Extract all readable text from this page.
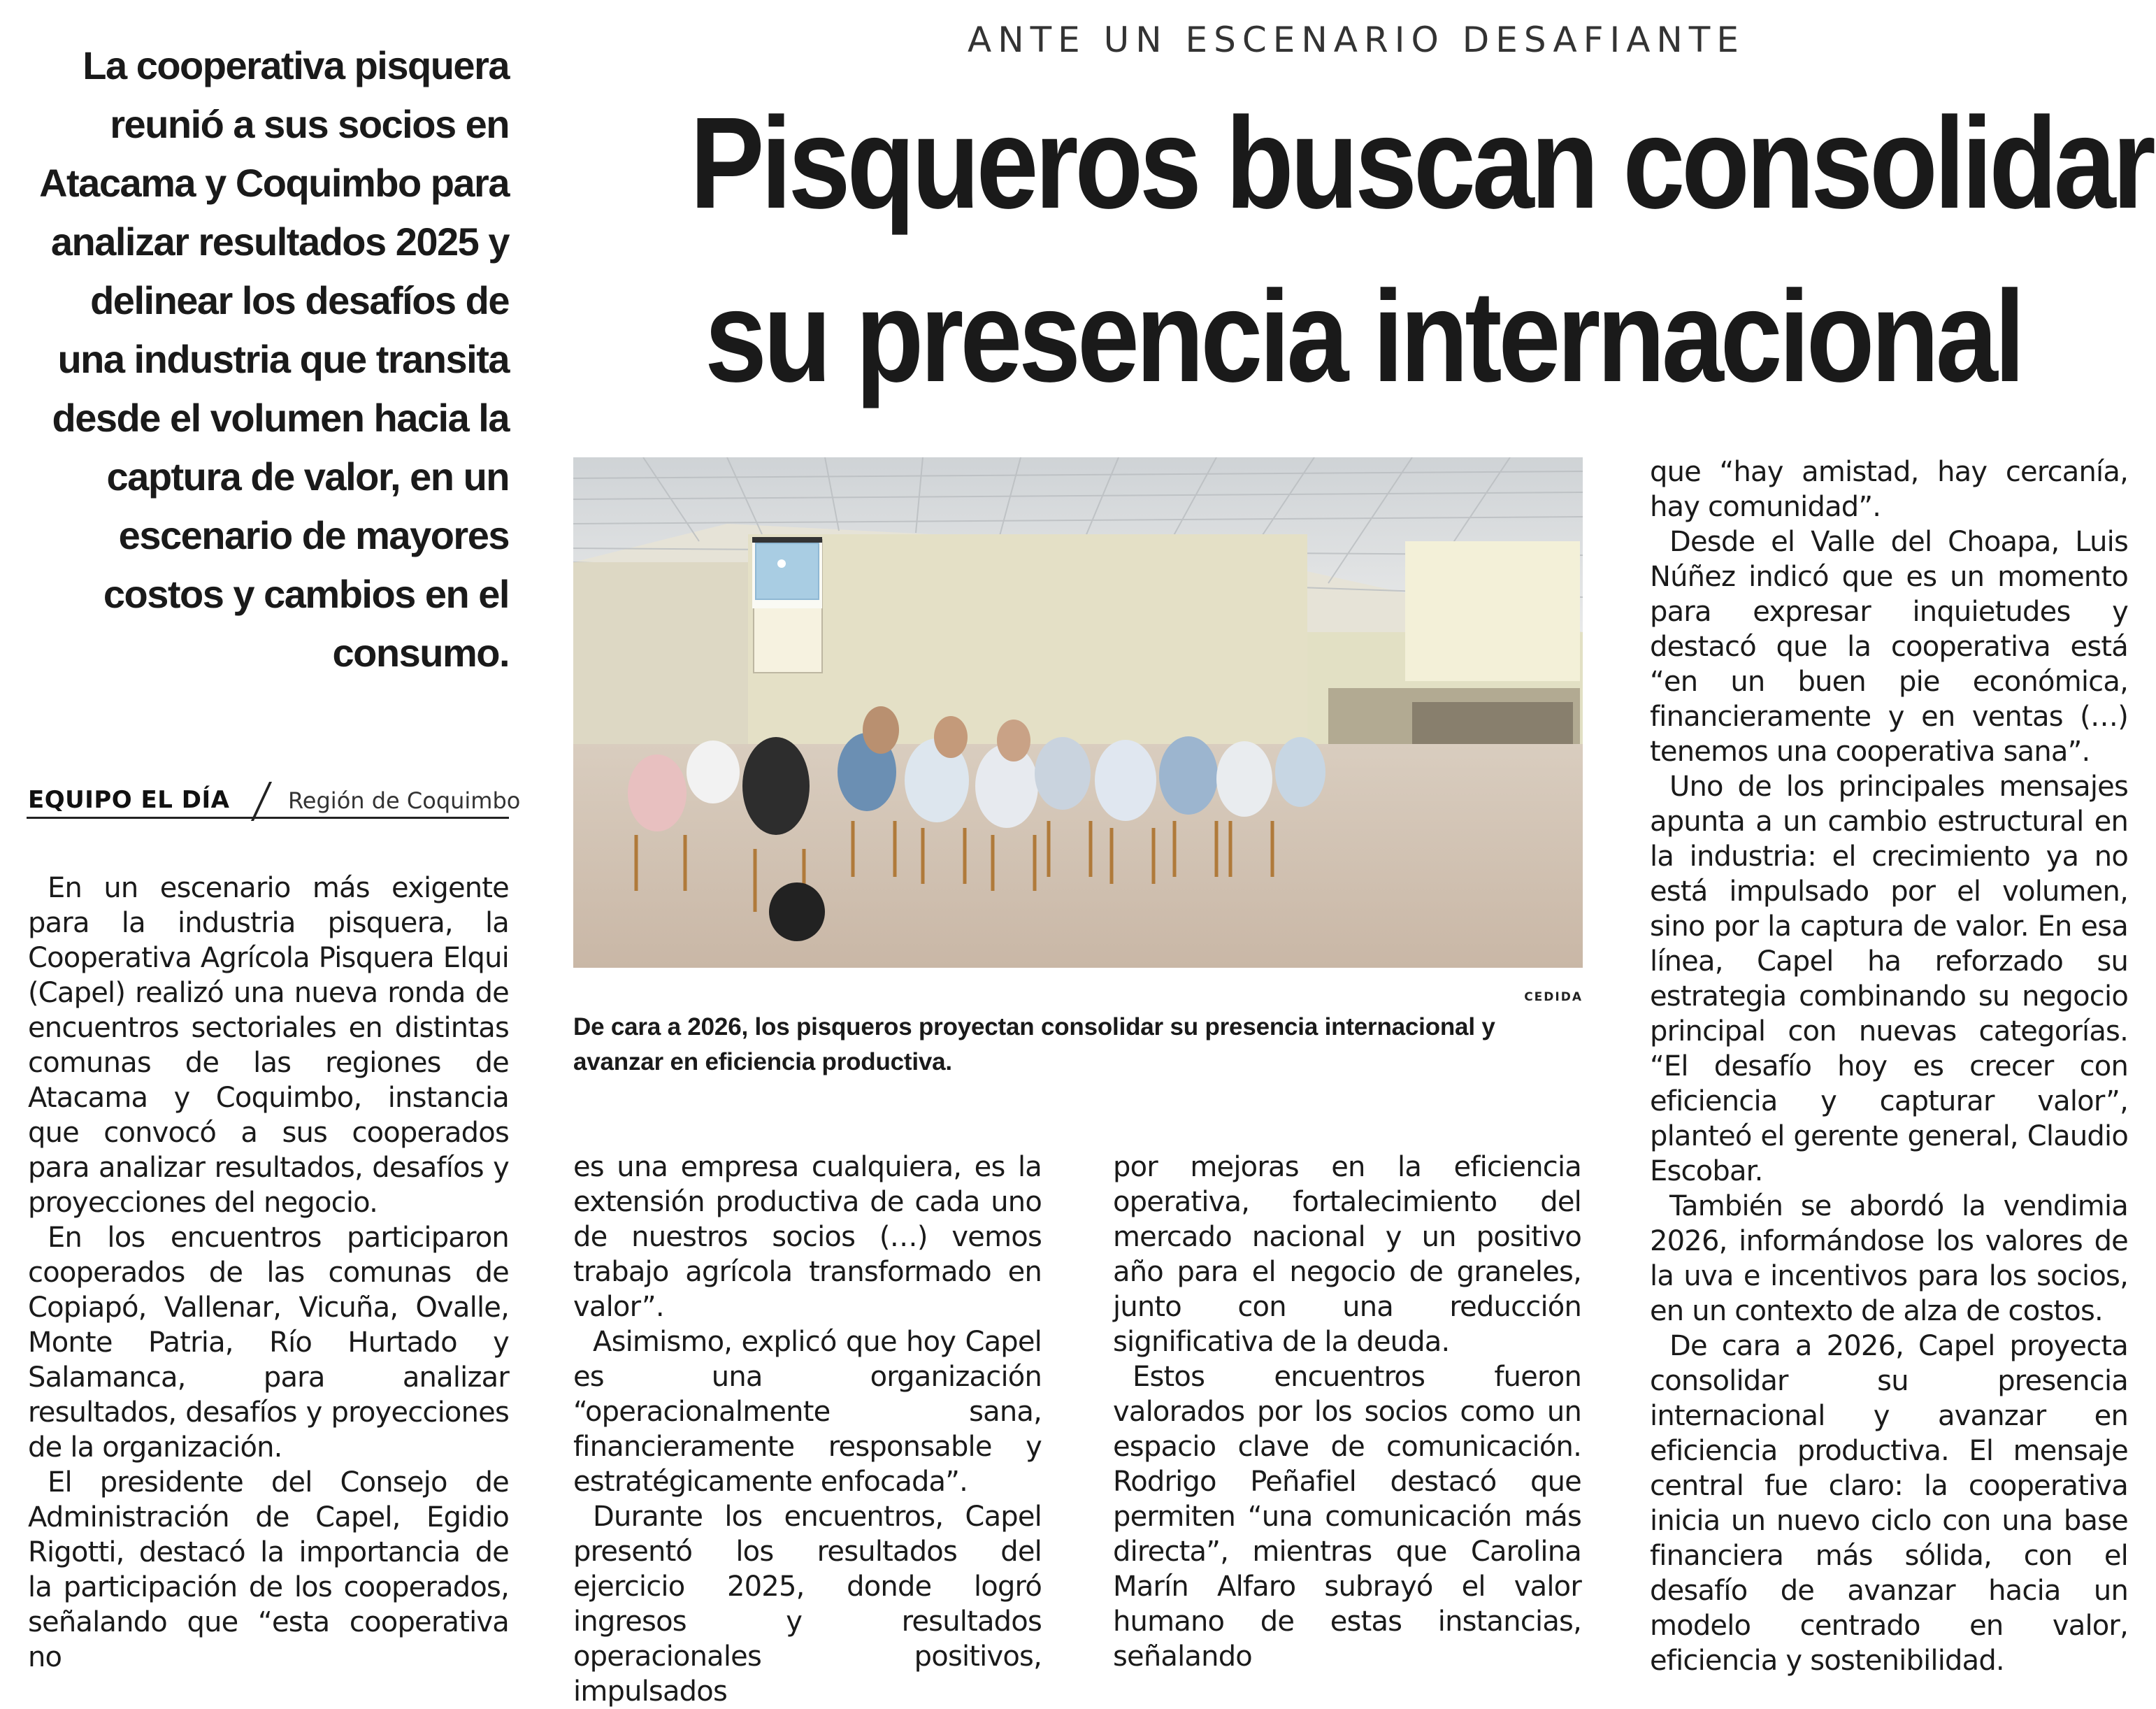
ANTE UN ESCENARIO DESAFIANTE
Pisqueros buscan consolidar
su presencia internacional
La cooperativa pisquera reunió a sus socios en Atacama y Coquimbo para analizar resultados 2025 y delinear los desafíos de una industria que transita desde el volumen hacia la captura de valor, en un escenario de mayores costos y cambios en el consumo.
EQUIPO EL DÍA	Región de Coquimbo
CEDIDA
De cara a 2026, los pisqueros proyectan consolidar su presencia internacional y avanzar en eficiencia productiva.

En un escenario más exigente para la industria pisquera, la Cooperativa Agrícola Pisquera Elqui (Capel) realizó una nueva ronda de encuentros sectoriales en distintas comunas de las regiones de Atacama y Coquimbo, instancia que convocó a sus cooperados para analizar resultados, desafíos y proyecciones del negocio.

En los encuentros participaron cooperados de las comunas de Copiapó, Vallenar, Vicuña, Ovalle, Monte Patria, Río Hurtado y Salamanca, para analizar resultados, desafíos y proyecciones de la organización.

El presidente del Consejo de Administración de Capel, Egidio Rigotti, destacó la importancia de la participación de los cooperados, señalando que “esta cooperativa no

es una empresa cualquiera, es la extensión productiva de cada uno de nuestros socios (…) vemos trabajo agrícola transformado en valor”.

Asimismo, explicó que hoy Capel es una organización “operacionalmente sana, financieramente responsable y estratégicamente enfocada”.

Durante los encuentros, Capel presentó los resultados del ejercicio 2025, donde logró ingresos y resultados operacionales positivos, impulsados

por mejoras en la eficiencia operativa, fortalecimiento del mercado nacional y un positivo año para el negocio de graneles, junto con una reducción significativa de la deuda.

Estos encuentros fueron valorados por los socios como un espacio clave de comunicación. Rodrigo Peñafiel destacó que permiten “una comunicación más directa”, mientras que Carolina Marín Alfaro subrayó el valor humano de estas instancias, señalando

que “hay amistad, hay cercanía, hay comunidad”.

Desde el Valle del Choapa, Luis Núñez indicó que es un momento para expresar inquietudes y destacó que la cooperativa está “en un buen pie económica, financieramente y en ventas (…) tenemos una cooperativa sana”.

Uno de los principales mensajes apunta a un cambio estructural en la industria: el crecimiento ya no está impulsado por el volumen, sino por la captura de valor. En esa línea, Capel ha reforzado su estrategia combinando su negocio principal con nuevas categorías. “El desafío hoy es crecer con eficiencia y capturar valor”, planteó el gerente general, Claudio Escobar.

También se abordó la vendimia 2026, informándose los valores de la uva e incentivos para los socios, en un contexto de alza de costos.

De cara a 2026, Capel proyecta consolidar su presencia internacional y avanzar en eficiencia productiva. El mensaje central fue claro: la cooperativa inicia un nuevo ciclo con una base financiera más sólida, con el desafío de avanzar hacia un modelo centrado en valor, eficiencia y sostenibilidad.
